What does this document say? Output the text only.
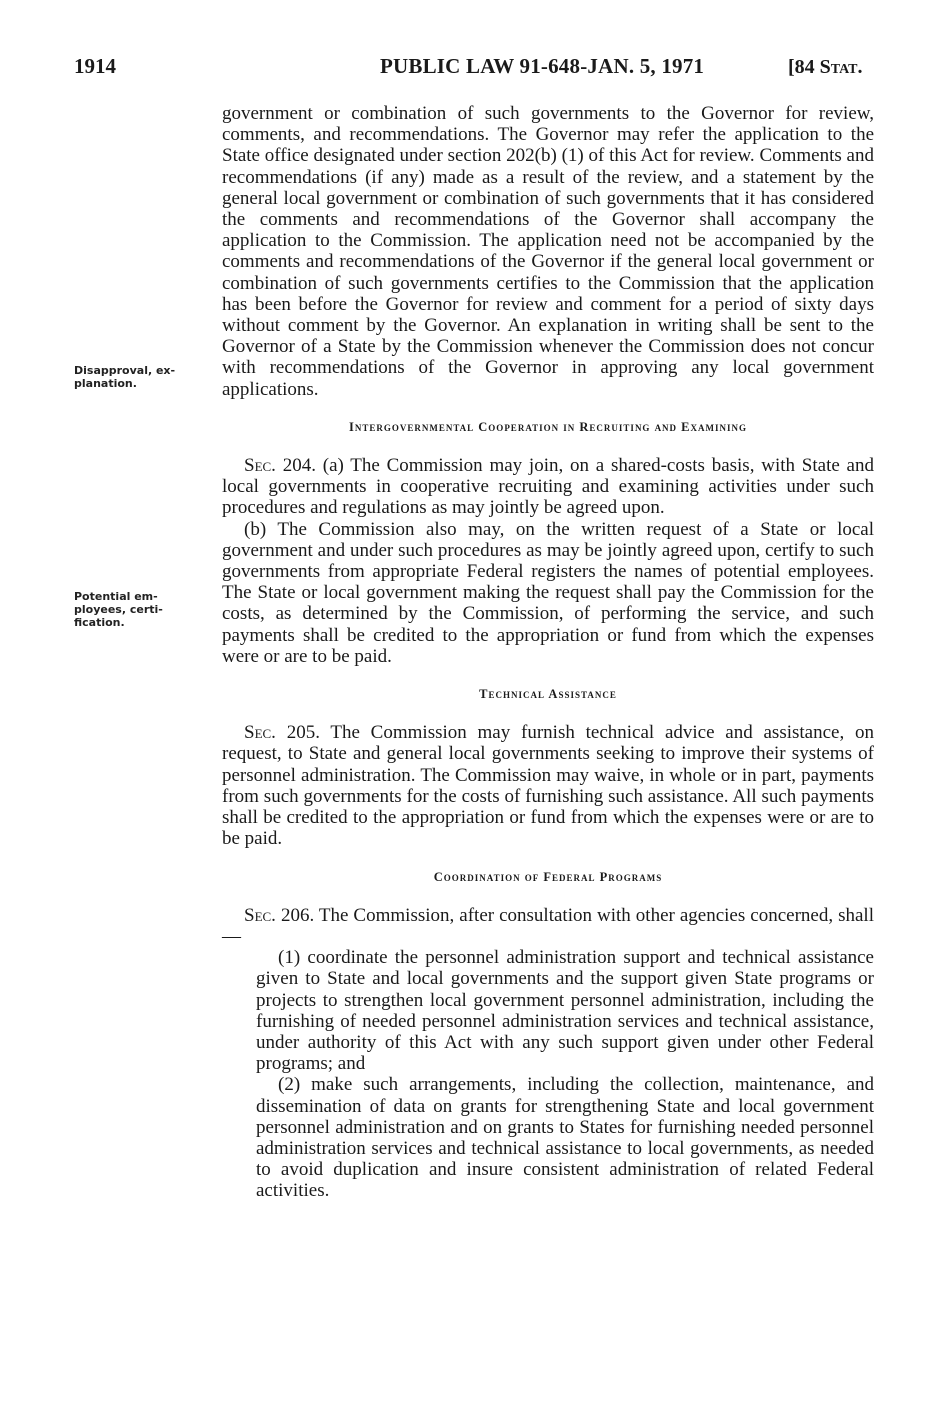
1914	PUBLIC LAW 91-648-JAN. 5, 1971	[84 Stat.
Disapproval, ex-
planation.
Potential em-
ployees, certi-
fication.

government or combination of such governments to the Governor for review, comments, and recommendations. The Governor may refer the application to the State office designated under section 202(b) (1) of this Act for review. Comments and recommendations (if any) made as a result of the review, and a statement by the general local government or combination of such governments that it has considered the comments and recommendations of the Governor shall accompany the application to the Commission. The application need not be accompanied by the comments and recommendations of the Governor if the general local government or combination of such governments certifies to the Commission that the application has been before the Governor for review and comment for a period of sixty days without comment by the Governor. An explanation in writing shall be sent to the Governor of a State by the Commission whenever the Commission does not concur with recommendations of the Governor in approving any local government applications.

Intergovernmental Cooperation in Recruiting and Examining

Sec. 204. (a) The Commission may join, on a shared-costs basis, with State and local governments in cooperative recruiting and examining activities under such procedures and regulations as may jointly be agreed upon.

(b) The Commission also may, on the written request of a State or local government and under such procedures as may be jointly agreed upon, certify to such governments from appropriate Federal registers the names of potential employees. The State or local government making the request shall pay the Commission for the costs, as determined by the Commission, of performing the service, and such payments shall be credited to the appropriation or fund from which the expenses were or are to be paid.

Technical Assistance

Sec. 205. The Commission may furnish technical advice and assistance, on request, to State and general local governments seeking to improve their systems of personnel administration. The Commission may waive, in whole or in part, payments from such governments for the costs of furnishing such assistance. All such payments shall be credited to the appropriation or fund from which the expenses were or are to be paid.

Coordination of Federal Programs

Sec. 206. The Commission, after consultation with other agencies concerned, shall—

(1) coordinate the personnel administration support and technical assistance given to State and local governments and the support given State programs or projects to strengthen local government personnel administration, including the furnishing of needed personnel administration services and technical assistance, under authority of this Act with any such support given under other Federal programs; and

(2) make such arrangements, including the collection, maintenance, and dissemination of data on grants for strengthening State and local government personnel administration and on grants to States for furnishing needed personnel administration services and technical assistance to local governments, as needed to avoid duplication and insure consistent administration of related Federal activities.
